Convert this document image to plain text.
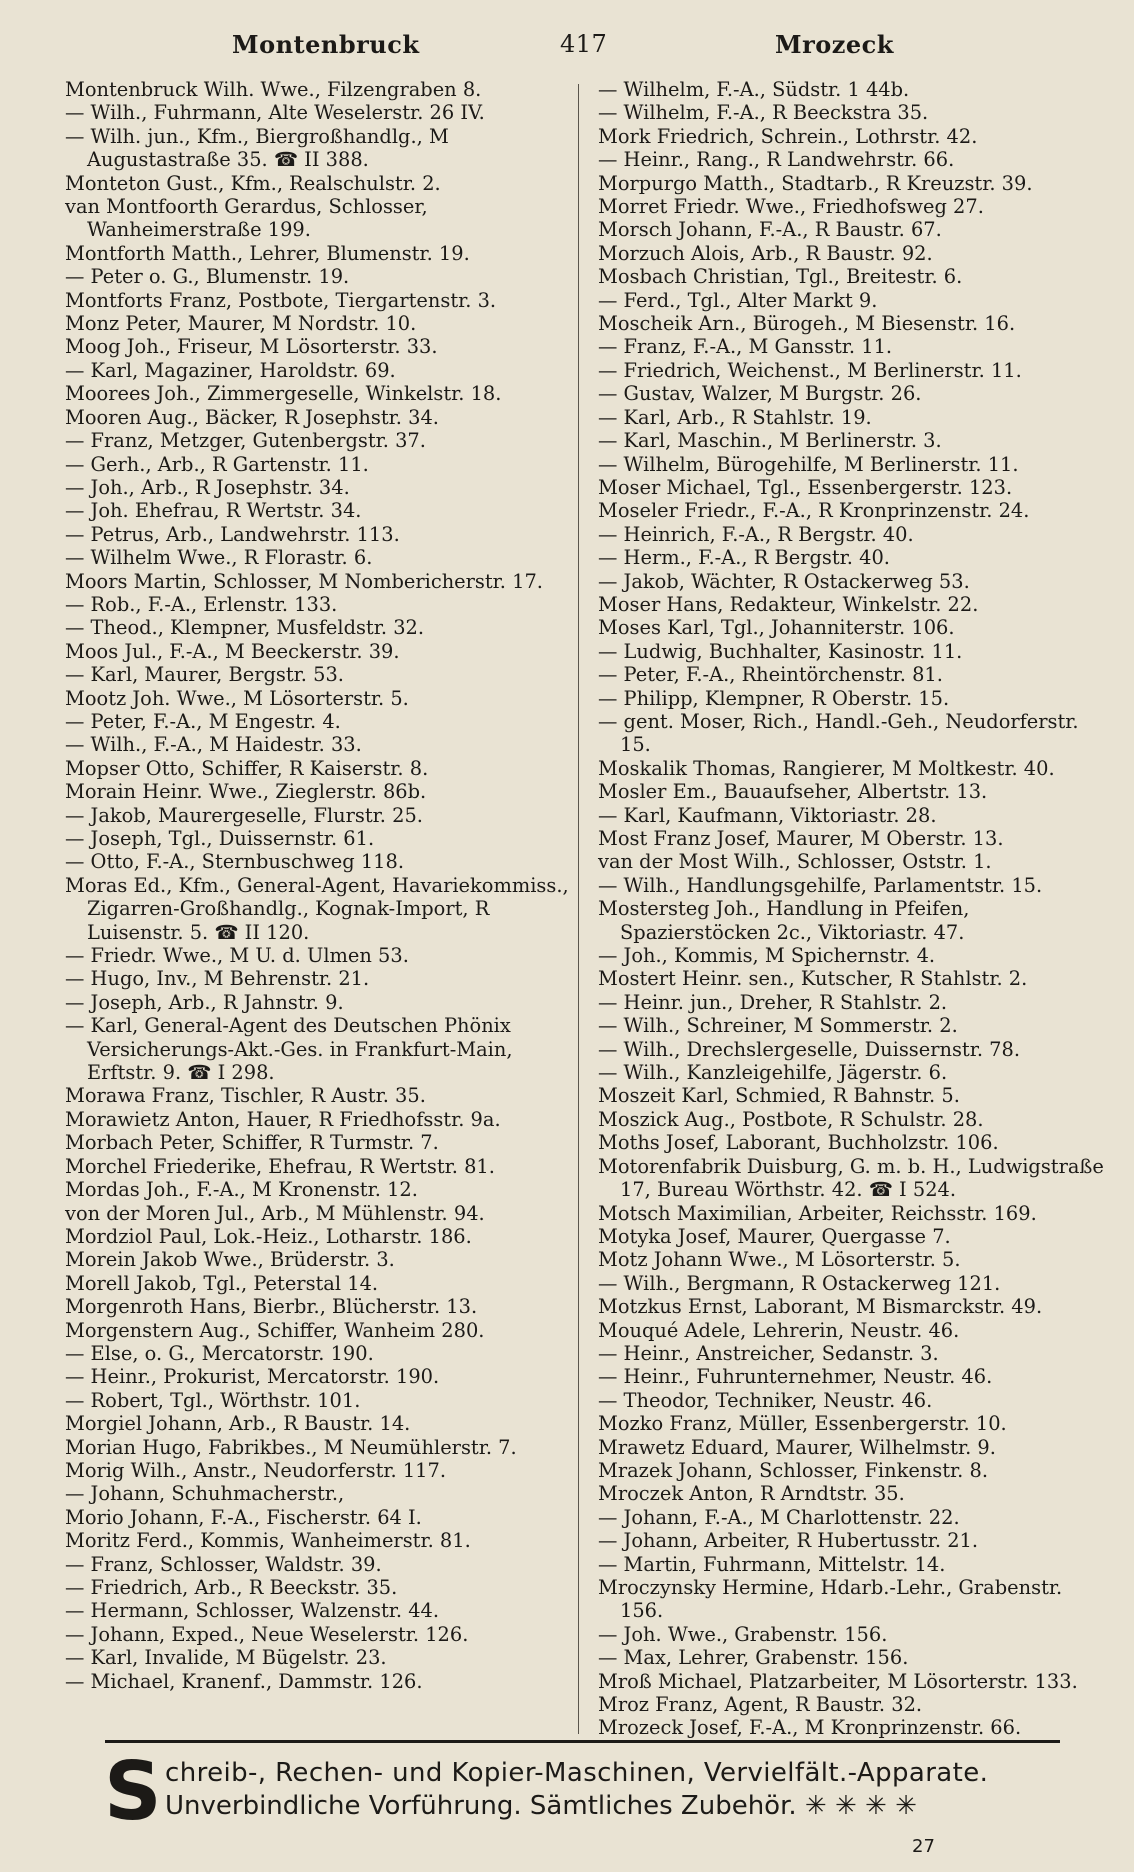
Montenbruck	417	Mrozeck
Montenbruck Wilh. Wwe., Filzengraben 8.
— Wilh., Fuhrmann, Alte Weselerstr. 26 IV.
— Wilh. jun., Kfm., Biergroßhandlg., M Augustastraße 35. ☎ II 388.
Monteton Gust., Kfm., Realschulstr. 2.
van Montfoorth Gerardus, Schlosser, Wanheimerstraße 199.
Montforth Matth., Lehrer, Blumenstr. 19.
— Peter o. G., Blumenstr. 19.
Montforts Franz, Postbote, Tiergartenstr. 3.
Monz Peter, Maurer, M Nordstr. 10.
Moog Joh., Friseur, M Lösorterstr. 33.
— Karl, Magaziner, Haroldstr. 69.
Moorees Joh., Zimmergeselle, Winkelstr. 18.
Mooren Aug., Bäcker, R Josephstr. 34.
— Franz, Metzger, Gutenbergstr. 37.
— Gerh., Arb., R Gartenstr. 11.
— Joh., Arb., R Josephstr. 34.
— Joh. Ehefrau, R Wertstr. 34.
— Petrus, Arb., Landwehrstr. 113.
— Wilhelm Wwe., R Florastr. 6.
Moors Martin, Schlosser, M Nombericherstr. 17.
— Rob., F.-A., Erlenstr. 133.
— Theod., Klempner, Musfeldstr. 32.
Moos Jul., F.-A., M Beeckerstr. 39.
— Karl, Maurer, Bergstr. 53.
Mootz Joh. Wwe., M Lösorterstr. 5.
— Peter, F.-A., M Engestr. 4.
— Wilh., F.-A., M Haidestr. 33.
Mopser Otto, Schiffer, R Kaiserstr. 8.
Morain Heinr. Wwe., Zieglerstr. 86b.
— Jakob, Maurergeselle, Flurstr. 25.
— Joseph, Tgl., Duissernstr. 61.
— Otto, F.-A., Sternbuschweg 118.
Moras Ed., Kfm., General-Agent, Havariekommiss., Zigarren-Großhandlg., Kognak-Import, R Luisenstr. 5. ☎ II 120.
— Friedr. Wwe., M U. d. Ulmen 53.
— Hugo, Inv., M Behrenstr. 21.
— Joseph, Arb., R Jahnstr. 9.
— Karl, General-Agent des Deutschen Phönix Versicherungs-Akt.-Ges. in Frankfurt-Main, Erftstr. 9. ☎ I 298.
Morawa Franz, Tischler, R Austr. 35.
Morawietz Anton, Hauer, R Friedhofsstr. 9a.
Morbach Peter, Schiffer, R Turmstr. 7.
Morchel Friederike, Ehefrau, R Wertstr. 81.
Mordas Joh., F.-A., M Kronenstr. 12.
von der Moren Jul., Arb., M Mühlenstr. 94.
Mordziol Paul, Lok.-Heiz., Lotharstr. 186.
Morein Jakob Wwe., Brüderstr. 3.
Morell Jakob, Tgl., Peterstal 14.
Morgenroth Hans, Bierbr., Blücherstr. 13.
Morgenstern Aug., Schiffer, Wanheim 280.
— Else, o. G., Mercatorstr. 190.
— Heinr., Prokurist, Mercatorstr. 190.
— Robert, Tgl., Wörthstr. 101.
Morgiel Johann, Arb., R Baustr. 14.
Morian Hugo, Fabrikbes., M Neumühlerstr. 7.
Morig Wilh., Anstr., Neudorferstr. 117.
— Johann, Schuhmacherstr.,
Morio Johann, F.-A., Fischerstr. 64 I.
Moritz Ferd., Kommis, Wanheimerstr. 81.
— Franz, Schlosser, Waldstr. 39.
— Friedrich, Arb., R Beeckstr. 35.
— Hermann, Schlosser, Walzenstr. 44.
— Johann, Exped., Neue Weselerstr. 126.
— Karl, Invalide, M Bügelstr. 23.
— Michael, Kranenf., Dammstr. 126.
— Wilhelm, F.-A., Südstr. 1 44b.
— Wilhelm, F.-A., R Beeckstra 35.
Mork Friedrich, Schrein., Lothrstr. 42.
— Heinr., Rang., R Landwehrstr. 66.
Morpurgo Matth., Stadtarb., R Kreuzstr. 39.
Morret Friedr. Wwe., Friedhofsweg 27.
Morsch Johann, F.-A., R Baustr. 67.
Morzuch Alois, Arb., R Baustr. 92.
Mosbach Christian, Tgl., Breitestr. 6.
— Ferd., Tgl., Alter Markt 9.
Moscheik Arn., Bürogeh., M Biesenstr. 16.
— Franz, F.-A., M Gansstr. 11.
— Friedrich, Weichenst., M Berlinerstr. 11.
— Gustav, Walzer, M Burgstr. 26.
— Karl, Arb., R Stahlstr. 19.
— Karl, Maschin., M Berlinerstr. 3.
— Wilhelm, Bürogehilfe, M Berlinerstr. 11.
Moser Michael, Tgl., Essenbergerstr. 123.
Moseler Friedr., F.-A., R Kronprinzenstr. 24.
— Heinrich, F.-A., R Bergstr. 40.
— Herm., F.-A., R Bergstr. 40.
— Jakob, Wächter, R Ostackerweg 53.
Moser Hans, Redakteur, Winkelstr. 22.
Moses Karl, Tgl., Johanniterstr. 106.
— Ludwig, Buchhalter, Kasinostr. 11.
— Peter, F.-A., Rheintörchenstr. 81.
— Philipp, Klempner, R Oberstr. 15.
— gent. Moser, Rich., Handl.-Geh., Neudorferstr. 15.
Moskalik Thomas, Rangierer, M Moltkestr. 40.
Mosler Em., Bauaufseher, Albertstr. 13.
— Karl, Kaufmann, Viktoriastr. 28.
Most Franz Josef, Maurer, M Oberstr. 13.
van der Most Wilh., Schlosser, Oststr. 1.
— Wilh., Handlungsgehilfe, Parlamentstr. 15.
Mostersteg Joh., Handlung in Pfeifen, Spazierstöcken 2c., Viktoriastr. 47.
— Joh., Kommis, M Spichernstr. 4.
Mostert Heinr. sen., Kutscher, R Stahlstr. 2.
— Heinr. jun., Dreher, R Stahlstr. 2.
— Wilh., Schreiner, M Sommerstr. 2.
— Wilh., Drechslergeselle, Duissernstr. 78.
— Wilh., Kanzleigehilfe, Jägerstr. 6.
Moszeit Karl, Schmied, R Bahnstr. 5.
Moszick Aug., Postbote, R Schulstr. 28.
Moths Josef, Laborant, Buchholzstr. 106.
Motorenfabrik Duisburg, G. m. b. H., Ludwigstraße 17, Bureau Wörthstr. 42. ☎ I 524.
Motsch Maximilian, Arbeiter, Reichsstr. 169.
Motyka Josef, Maurer, Quergasse 7.
Motz Johann Wwe., M Lösorterstr. 5.
— Wilh., Bergmann, R Ostackerweg 121.
Motzkus Ernst, Laborant, M Bismarckstr. 49.
Mouqué Adele, Lehrerin, Neustr. 46.
— Heinr., Anstreicher, Sedanstr. 3.
— Heinr., Fuhrunternehmer, Neustr. 46.
— Theodor, Techniker, Neustr. 46.
Mozko Franz, Müller, Essenbergerstr. 10.
Mrawetz Eduard, Maurer, Wilhelmstr. 9.
Mrazek Johann, Schlosser, Finkenstr. 8.
Mroczek Anton, R Arndtstr. 35.
— Johann, F.-A., M Charlottenstr. 22.
— Johann, Arbeiter, R Hubertusstr. 21.
— Martin, Fuhrmann, Mittelstr. 14.
Mroczynsky Hermine, Hdarb.-Lehr., Grabenstr. 156.
— Joh. Wwe., Grabenstr. 156.
— Max, Lehrer, Grabenstr. 156.
Mroß Michael, Platzarbeiter, M Lösorterstr. 133.
Mroz Franz, Agent, R Baustr. 32.
Mrozeck Josef, F.-A., M Kronprinzenstr. 66.
S chreib-, Rechen- und Kopier-Maschinen, Vervielfält.-Apparate.
Unverbindliche Vorführung. Sämtliches Zubehör. ✳ ✳ ✳ ✳
27
